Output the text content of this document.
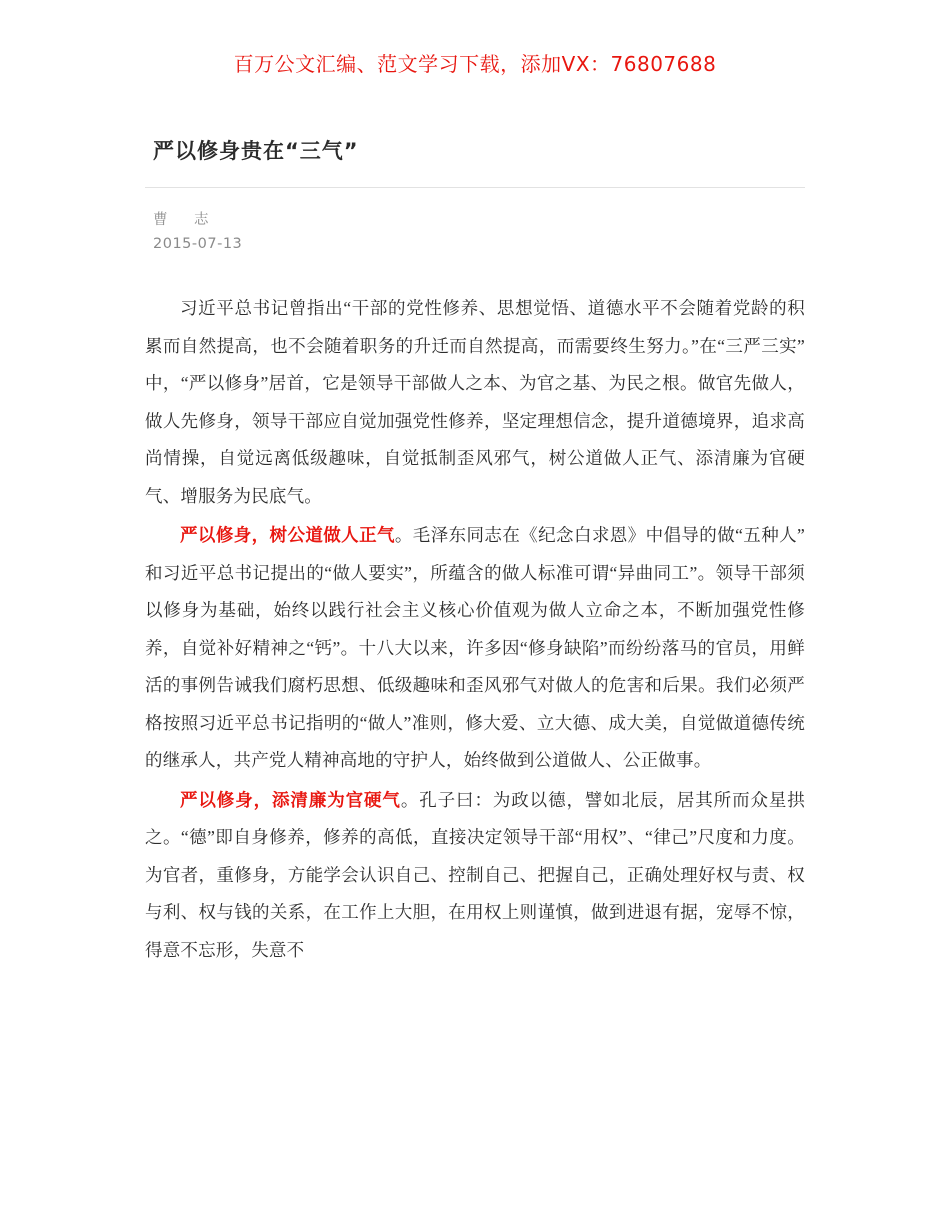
百万公文汇编、范文学习下载，添加VX：76807688
严以修身贵在“三气”
曹　志
2015-07-13

习近平总书记曾指出“干部的党性修养、思想觉悟、道德水平不会随着党龄的积累而自然提高，也不会随着职务的升迁而自然提高，而需要终生努力。”在“三严三实”中，“严以修身”居首，它是领导干部做人之本、为官之基、为民之根。做官先做人，做人先修身，领导干部应自觉加强党性修养，坚定理想信念，提升道德境界，追求高尚情操，自觉远离低级趣味，自觉抵制歪风邪气，树公道做人正气、添清廉为官硬气、增服务为民底气。

严以修身，树公道做人正气。毛泽东同志在《纪念白求恩》中倡导的做“五种人”和习近平总书记提出的“做人要实”，所蕴含的做人标准可谓“异曲同工”。领导干部须以修身为基础，始终以践行社会主义核心价值观为做人立命之本，不断加强党性修养，自觉补好精神之“钙”。十八大以来，许多因“修身缺陷”而纷纷落马的官员，用鲜活的事例告诫我们腐朽思想、低级趣味和歪风邪气对做人的危害和后果。我们必须严格按照习近平总书记指明的“做人”准则，修大爱、立大德、成大美，自觉做道德传统的继承人，共产党人精神高地的守护人，始终做到公道做人、公正做事。

严以修身，添清廉为官硬气。孔子曰：为政以德，譬如北辰，居其所而众星拱之。“德”即自身修养，修养的高低，直接决定领导干部“用权”、“律己”尺度和力度。为官者，重修身，方能学会认识自己、控制自己、把握自己，正确处理好权与责、权与利、权与钱的关系，在工作上大胆，在用权上则谨慎，做到进退有据，宠辱不惊，得意不忘形，失意不
